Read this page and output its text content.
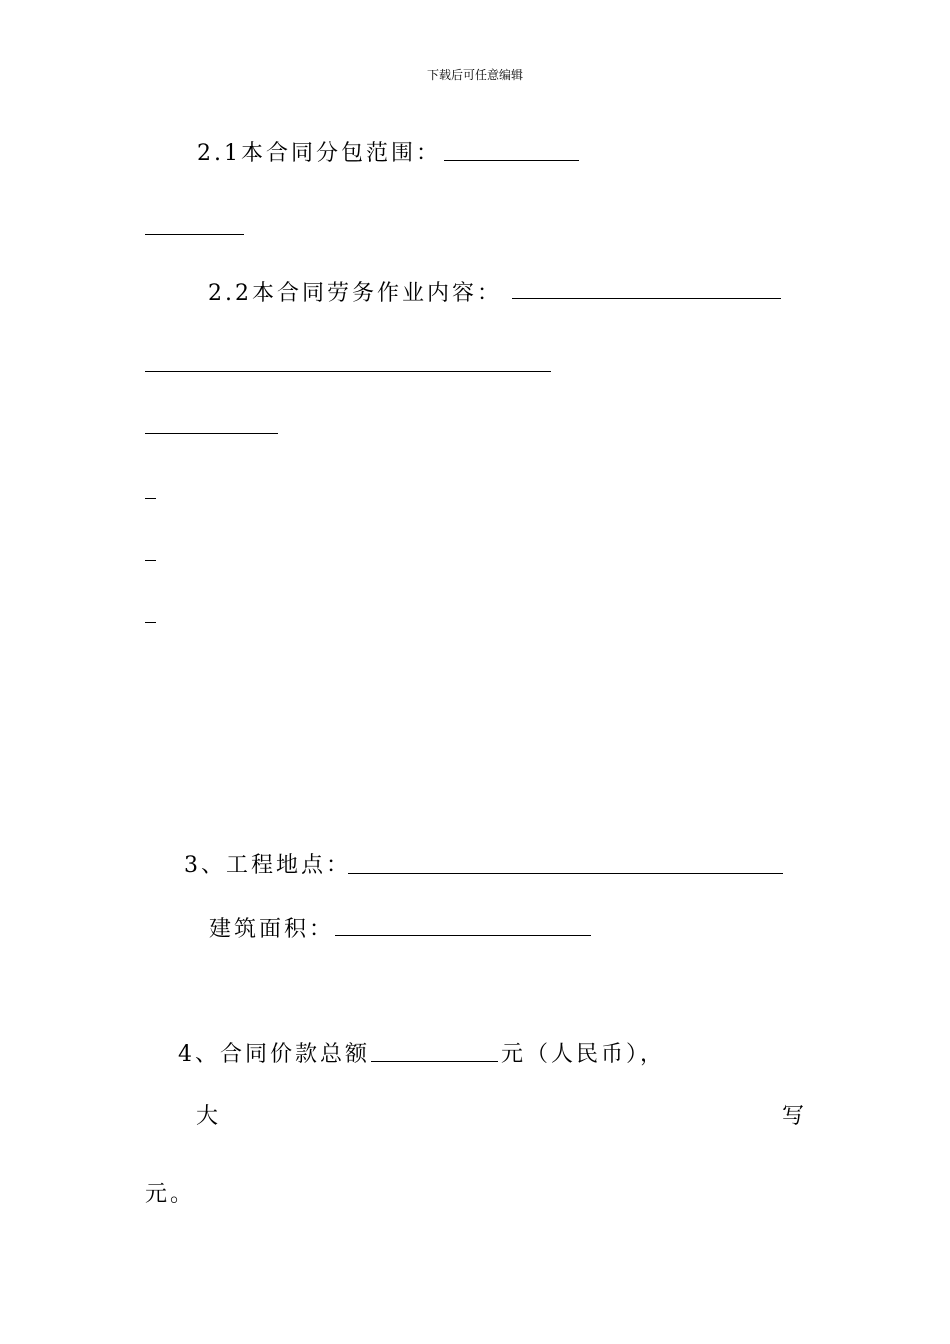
下载后可任意编辑
2.1本合同分包范围：
2.2本合同劳务作业内容：
3、工程地点：
建筑面积：
4、合同价款总额	元（人民币），
大	写
元。
